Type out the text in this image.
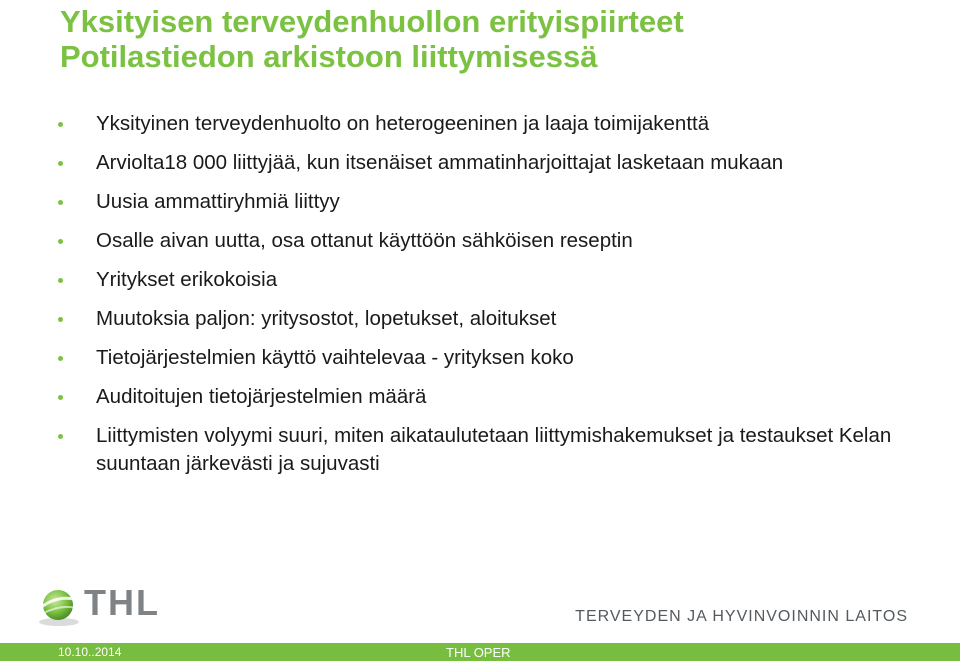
Yksityisen terveydenhuollon erityispiirteet
Potilastiedon arkistoon liittymisessä
Yksityinen terveydenhuolto on heterogeeninen ja laaja toimijakenttä
Arviolta18 000 liittyjää, kun itsenäiset ammatinharjoittajat lasketaan mukaan
Uusia ammattiryhmiä liittyy
Osalle aivan uutta, osa ottanut käyttöön sähköisen reseptin
Yritykset erikokoisia
Muutoksia paljon: yritysostot, lopetukset, aloitukset
Tietojärjestelmien käyttö vaihtelevaa - yrityksen koko
Auditoitujen tietojärjestelmien määrä
Liittymisten volyymi suuri, miten aikataulutetaan liittymishakemukset ja testaukset Kelan suuntaan järkevästi ja sujuvasti
THL	TERVEYDEN JA HYVINVOINNIN LAITOS
10.10..2014	THL OPER
